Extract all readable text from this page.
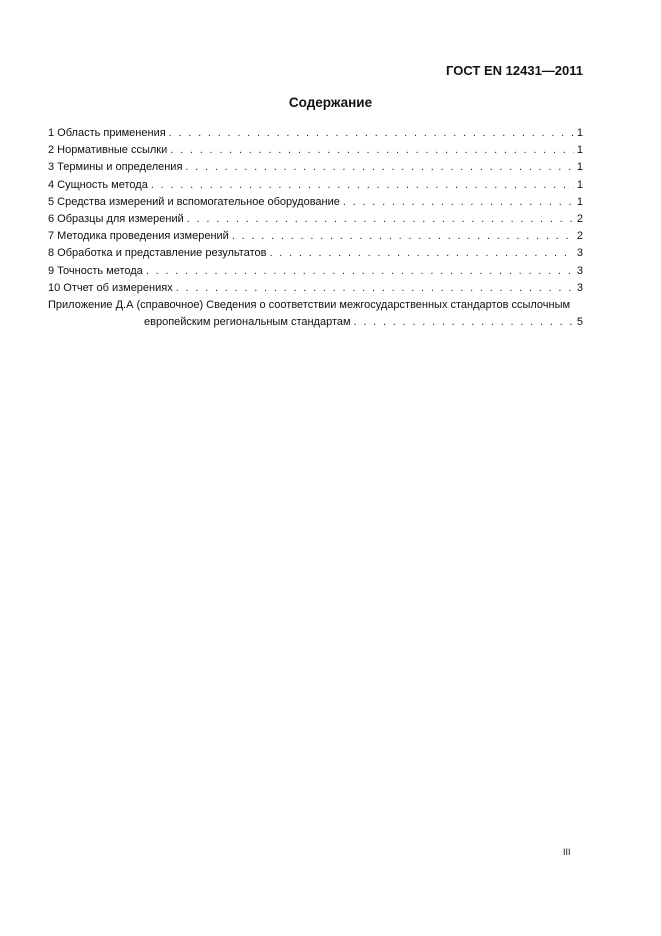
ГОСТ EN 12431—2011
Содержание
1 Область применения . . .	1
2 Нормативные ссылки . . .	1
3 Термины и определения . . .	1
4 Сущность метода . . .	1
5 Средства измерений и вспомогательное оборудование . . .	1
6 Образцы для измерений . . .	2
7 Методика проведения измерений . . .	2
8 Обработка и представление результатов . . .	3
9 Точность метода . . .	3
10 Отчет об измерениях . . .	3
Приложение Д.А (справочное) Сведения о соответствии межгосударственных стандартов ссылочным
европейским региональным стандартам . . .	5
III
